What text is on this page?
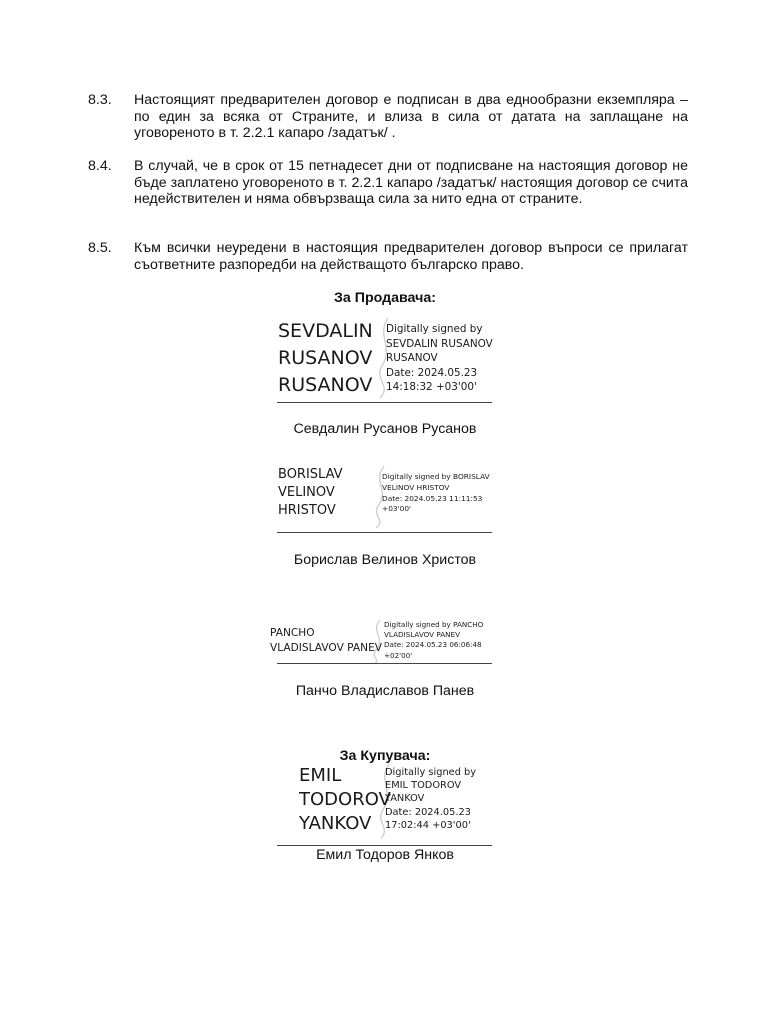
8.3.	Настоящият предварителен договор е подписан в два еднообразни екземпляра – по един за всяка от Страните, и влиза в сила от датата на заплащане на уговореното в т. 2.2.1 капаро /задатък/ .
8.4.	В случай, че в срок от 15 петнадесет дни от подписване на настоящия договор не бъде заплатено уговореното в т. 2.2.1 капаро /задатък/ настоящия договор се счита недействителен и няма обвързваща сила за нито една от страните.
8.5.	Към всички неуредени в настоящия предварителен договор въпроси се прилагат съответните разпоредби на действащото българско право.
За Продавача:
SEVDALIN
RUSANOV
RUSANOV
Digitally signed by
SEVDALIN RUSANOV
RUSANOV
Date: 2024.05.23
14:18:32 +03'00'
Севдалин Русанов Русанов
BORISLAV
VELINOV
HRISTOV
Digitally signed by BORISLAV
VELINOV HRISTOV
Date: 2024.05.23 11:11:53
+03'00'
Борислав Велинов Христов
PANCHO
VLADISLAVOV PANEV
Digitally signed by PANCHO
VLADISLAVOV PANEV
Date: 2024.05.23 06:06:48
+02'00'
Панчо Владиславов Панев
За Купувача:
EMIL
TODOROV
YANKOV
Digitally signed by
EMIL TODOROV
YANKOV
Date: 2024.05.23
17:02:44 +03'00'
Емил Тодоров Янков
